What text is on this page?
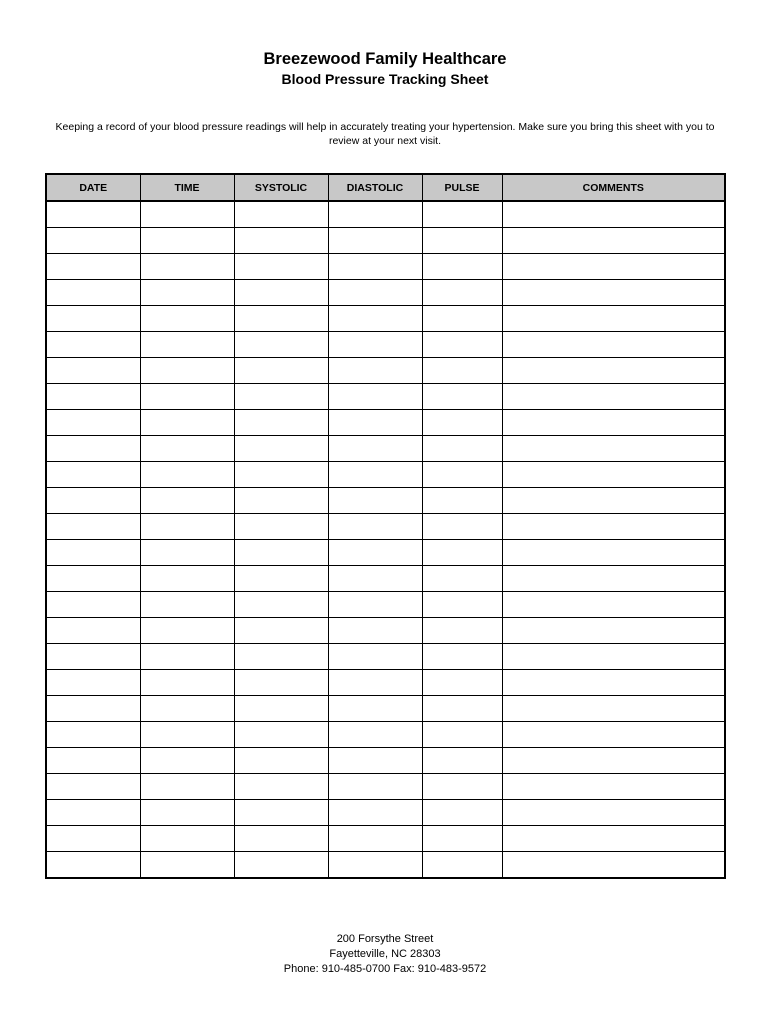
Breezewood Family Healthcare
Blood Pressure Tracking Sheet
Keeping a record of your blood pressure readings will help in accurately treating your hypertension. Make sure you bring this sheet with you to
review at your next visit.
DATE	TIME	SYSTOLIC	DIASTOLIC	PULSE	COMMENTS

200 Forsythe Street
Fayetteville, NC 28303
Phone: 910-485-0700 Fax: 910-483-9572
